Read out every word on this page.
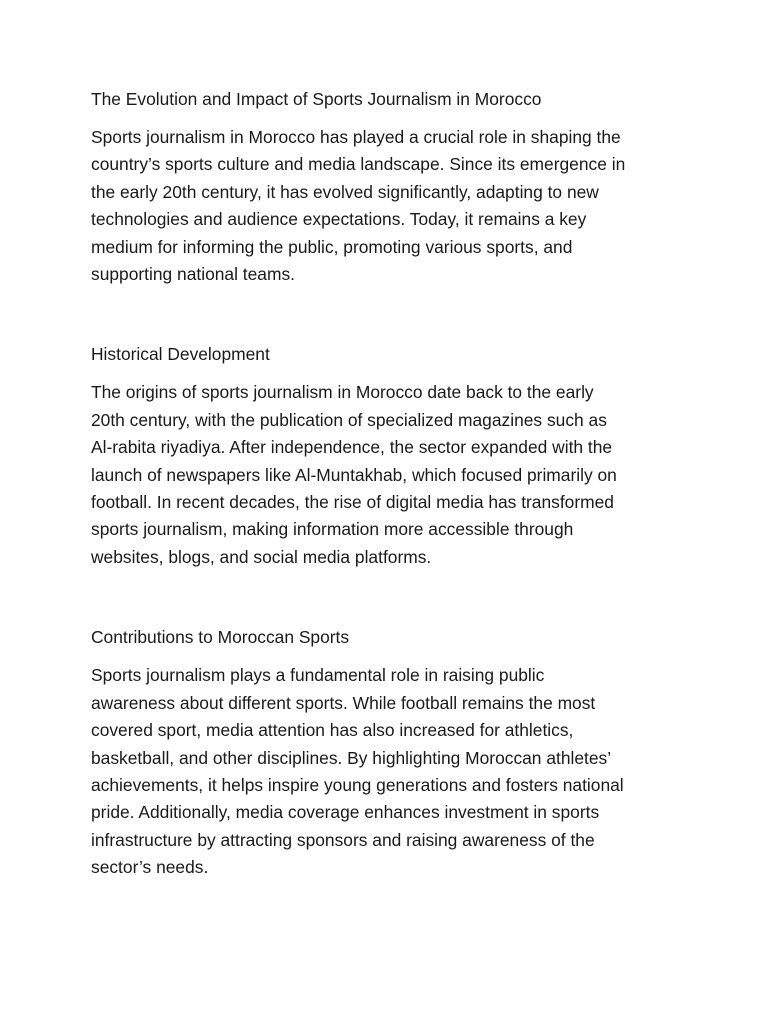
The Evolution and Impact of Sports Journalism in Morocco

Sports journalism in Morocco has played a crucial role in shaping the
country’s sports culture and media landscape. Since its emergence in
the early 20th century, it has evolved significantly, adapting to new
technologies and audience expectations. Today, it remains a key
medium for informing the public, promoting various sports, and
supporting national teams.

Historical Development

The origins of sports journalism in Morocco date back to the early
20th century, with the publication of specialized magazines such as
Al-rabita riyadiya. After independence, the sector expanded with the
launch of newspapers like Al-Muntakhab, which focused primarily on
football. In recent decades, the rise of digital media has transformed
sports journalism, making information more accessible through
websites, blogs, and social media platforms.

Contributions to Moroccan Sports

Sports journalism plays a fundamental role in raising public
awareness about different sports. While football remains the most
covered sport, media attention has also increased for athletics,
basketball, and other disciplines. By highlighting Moroccan athletes’
achievements, it helps inspire young generations and fosters national
pride. Additionally, media coverage enhances investment in sports
infrastructure by attracting sponsors and raising awareness of the
sector’s needs.
